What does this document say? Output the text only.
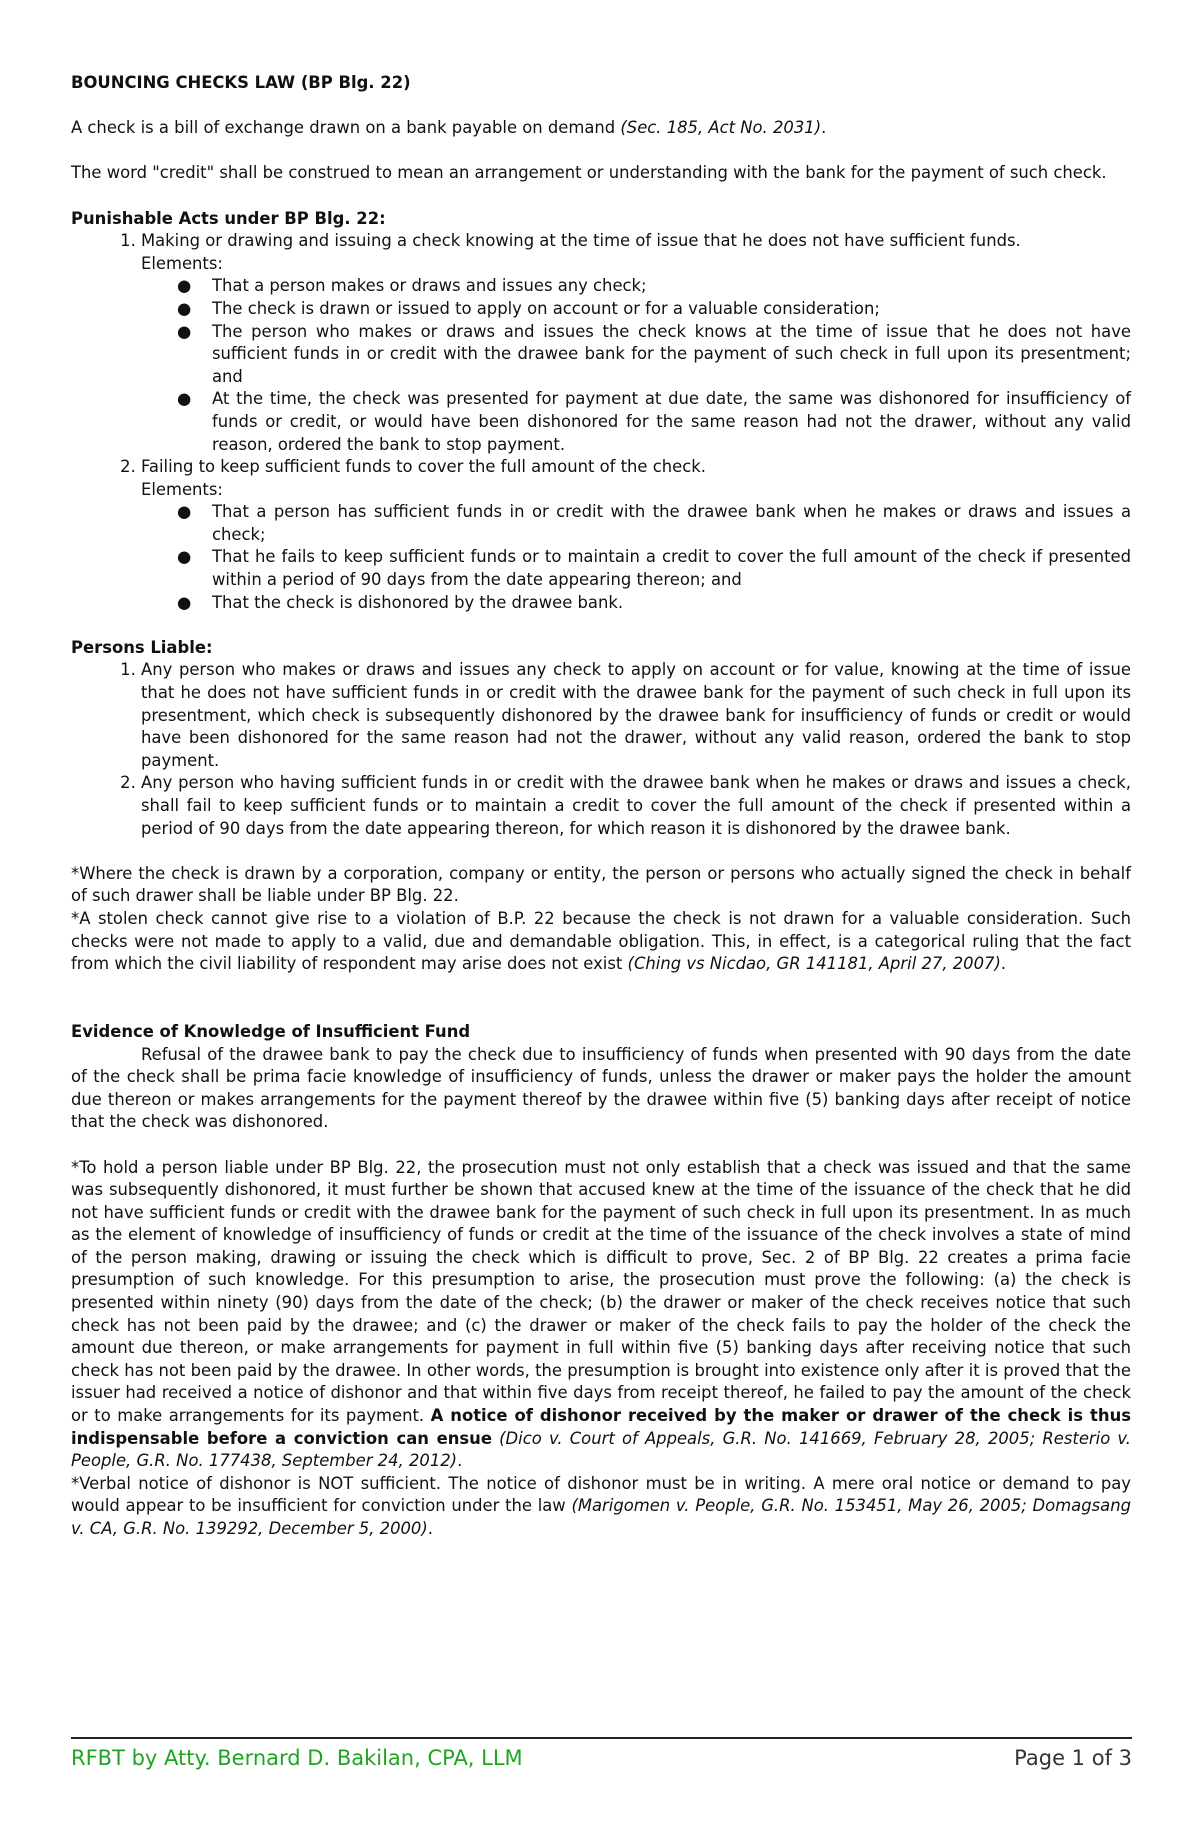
BOUNCING CHECKS LAW (BP Blg. 22)

A check is a bill of exchange drawn on a bank payable on demand (Sec. 185, Act No. 2031).

The word "credit" shall be construed to mean an arrangement or understanding with the bank for the payment of such check.

Punishable Acts under BP Blg. 22:

1. Making or drawing and issuing a check knowing at the time of issue that he does not have sufficient funds.
Elements:
● That a person makes or draws and issues any check;
● The check is drawn or issued to apply on account or for a valuable consideration;
● The person who makes or draws and issues the check knows at the time of issue that he does not have sufficient funds in or credit with the drawee bank for the payment of such check in full upon its presentment; and
● At the time, the check was presented for payment at due date, the same was dishonored for insufficiency of funds or credit, or would have been dishonored for the same reason had not the drawer, without any valid reason, ordered the bank to stop payment.
2. Failing to keep sufficient funds to cover the full amount of the check.
Elements:
● That a person has sufficient funds in or credit with the drawee bank when he makes or draws and issues a check;
● That he fails to keep sufficient funds or to maintain a credit to cover the full amount of the check if presented within a period of 90 days from the date appearing thereon; and
● That the check is dishonored by the drawee bank.

Persons Liable:

1. Any person who makes or draws and issues any check to apply on account or for value, knowing at the time of issue that he does not have sufficient funds in or credit with the drawee bank for the payment of such check in full upon its presentment, which check is subsequently dishonored by the drawee bank for insufficiency of funds or credit or would have been dishonored for the same reason had not the drawer, without any valid reason, ordered the bank to stop payment.
2. Any person who having sufficient funds in or credit with the drawee bank when he makes or draws and issues a check, shall fail to keep sufficient funds or to maintain a credit to cover the full amount of the check if presented within a period of 90 days from the date appearing thereon, for which reason it is dishonored by the drawee bank.

*Where the check is drawn by a corporation, company or entity, the person or persons who actually signed the check in behalf of such drawer shall be liable under BP Blg. 22.

*A stolen check cannot give rise to a violation of B.P. 22 because the check is not drawn for a valuable consideration. Such checks were not made to apply to a valid, due and demandable obligation. This, in effect, is a categorical ruling that the fact from which the civil liability of respondent may arise does not exist (Ching vs Nicdao, GR 141181, April 27, 2007).

Evidence of Knowledge of Insufficient Fund

Refusal of the drawee bank to pay the check due to insufficiency of funds when presented with 90 days from the date of the check shall be prima facie knowledge of insufficiency of funds, unless the drawer or maker pays the holder the amount due thereon or makes arrangements for the payment thereof by the drawee within five (5) banking days after receipt of notice that the check was dishonored.

*To hold a person liable under BP Blg. 22, the prosecution must not only establish that a check was issued and that the same was subsequently dishonored, it must further be shown that accused knew at the time of the issuance of the check that he did not have sufficient funds or credit with the drawee bank for the payment of such check in full upon its presentment. In as much as the element of knowledge of insufficiency of funds or credit at the time of the issuance of the check involves a state of mind of the person making, drawing or issuing the check which is difficult to prove, Sec. 2 of BP Blg. 22 creates a prima facie presumption of such knowledge. For this presumption to arise, the prosecution must prove the following: (a) the check is presented within ninety (90) days from the date of the check; (b) the drawer or maker of the check receives notice that such check has not been paid by the drawee; and (c) the drawer or maker of the check fails to pay the holder of the check the amount due thereon, or make arrangements for payment in full within five (5) banking days after receiving notice that such check has not been paid by the drawee. In other words, the presumption is brought into existence only after it is proved that the issuer had received a notice of dishonor and that within five days from receipt thereof, he failed to pay the amount of the check or to make arrangements for its payment. A notice of dishonor received by the maker or drawer of the check is thus indispensable before a conviction can ensue (Dico v. Court of Appeals, G.R. No. 141669, February 28, 2005; Resterio v. People, G.R. No. 177438, September 24, 2012).

*Verbal notice of dishonor is NOT sufficient. The notice of dishonor must be in writing. A mere oral notice or demand to pay would appear to be insufficient for conviction under the law (Marigomen v. People, G.R. No. 153451, May 26, 2005; Domagsang v. CA, G.R. No. 139292, December 5, 2000).

RFBT by Atty. Bernard D. Bakilan, CPA, LLM	Page 1 of 3
